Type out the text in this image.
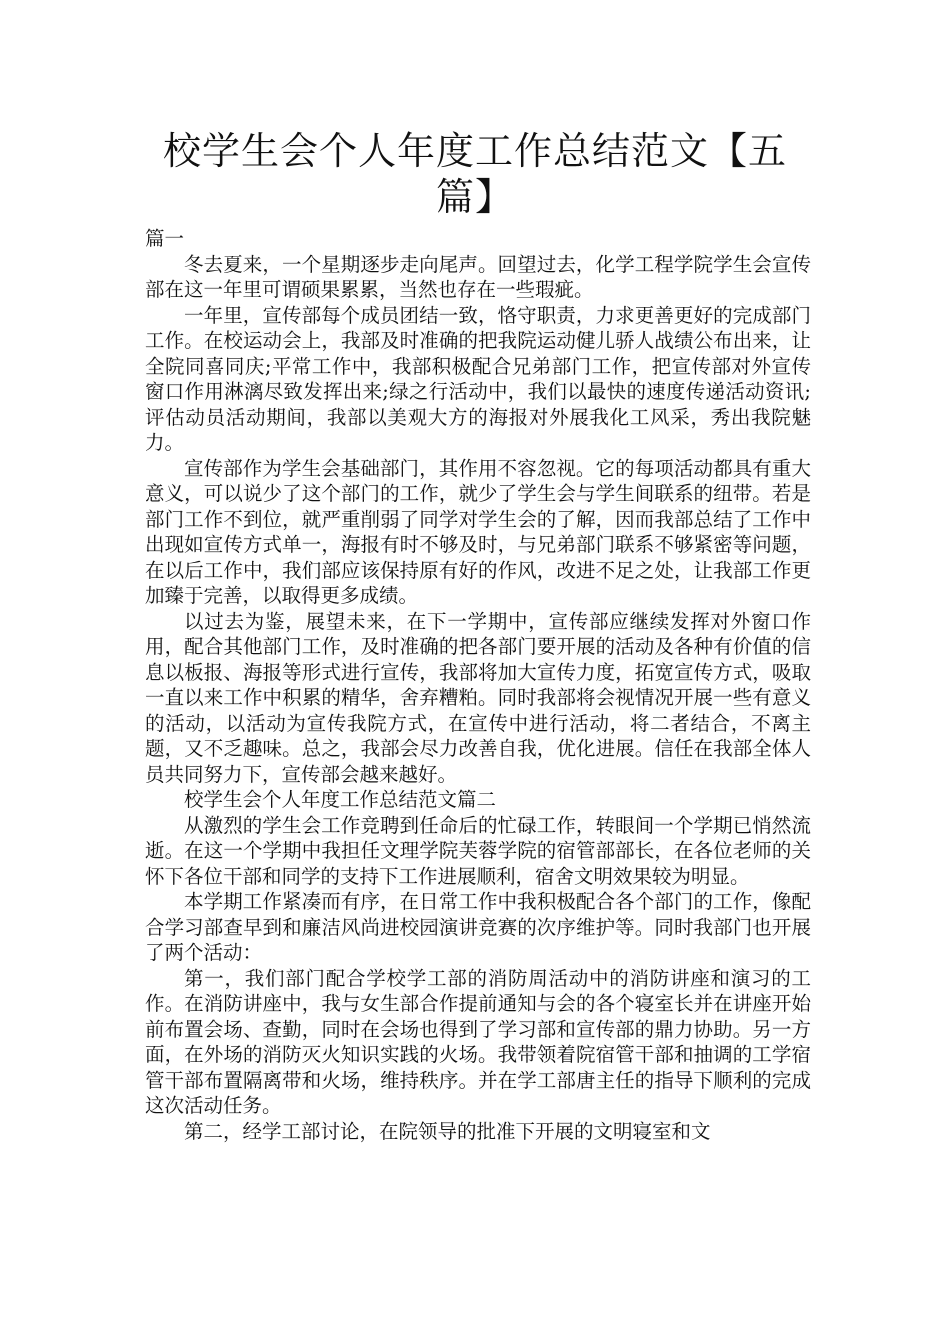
校学生会个人年度工作总结范文【五篇】

篇一

冬去夏来，一个星期逐步走向尾声。回望过去，化学工程学院学生会宣传部在这一年里可谓硕果累累，当然也存在一些瑕疵。

一年里，宣传部每个成员团结一致，恪守职责，力求更善更好的完成部门工作。在校运动会上，我部及时准确的把我院运动健儿骄人战绩公布出来，让全院同喜同庆;平常工作中，我部积极配合兄弟部门工作，把宣传部对外宣传窗口作用淋漓尽致发挥出来;绿之行活动中，我们以最快的速度传递活动资讯;评估动员活动期间，我部以美观大方的海报对外展我化工风采，秀出我院魅力。

宣传部作为学生会基础部门，其作用不容忽视。它的每项活动都具有重大意义，可以说少了这个部门的工作，就少了学生会与学生间联系的纽带。若是部门工作不到位，就严重削弱了同学对学生会的了解，因而我部总结了工作中出现如宣传方式单一，海报有时不够及时，与兄弟部门联系不够紧密等问题，在以后工作中，我们部应该保持原有好的作风，改进不足之处，让我部工作更加臻于完善，以取得更多成绩。

以过去为鉴，展望未来，在下一学期中，宣传部应继续发挥对外窗口作用，配合其他部门工作，及时准确的把各部门要开展的活动及各种有价值的信息以板报、海报等形式进行宣传，我部将加大宣传力度，拓宽宣传方式，吸取一直以来工作中积累的精华，舍弃糟粕。同时我部将会视情况开展一些有意义的活动，以活动为宣传我院方式，在宣传中进行活动，将二者结合，不离主题，又不乏趣味。总之，我部会尽力改善自我，优化进展。信任在我部全体人员共同努力下，宣传部会越来越好。

校学生会个人年度工作总结范文篇二

从激烈的学生会工作竞聘到任命后的忙碌工作，转眼间一个学期已悄然流逝。在这一个学期中我担任文理学院芙蓉学院的宿管部部长，在各位老师的关怀下各位干部和同学的支持下工作进展顺利，宿舍文明效果较为明显。

本学期工作紧凑而有序，在日常工作中我积极配合各个部门的工作，像配合学习部查早到和廉洁风尚进校园演讲竞赛的次序维护等。同时我部门也开展了两个活动：

第一，我们部门配合学校学工部的消防周活动中的消防讲座和演习的工作。在消防讲座中，我与女生部合作提前通知与会的各个寝室长并在讲座开始前布置会场、查勤，同时在会场也得到了学习部和宣传部的鼎力协助。另一方面，在外场的消防灭火知识实践的火场。我带领着院宿管干部和抽调的工学宿管干部布置隔离带和火场，维持秩序。并在学工部唐主任的指导下顺利的完成这次活动任务。

第二，经学工部讨论，在院领导的批准下开展的文明寝室和文
